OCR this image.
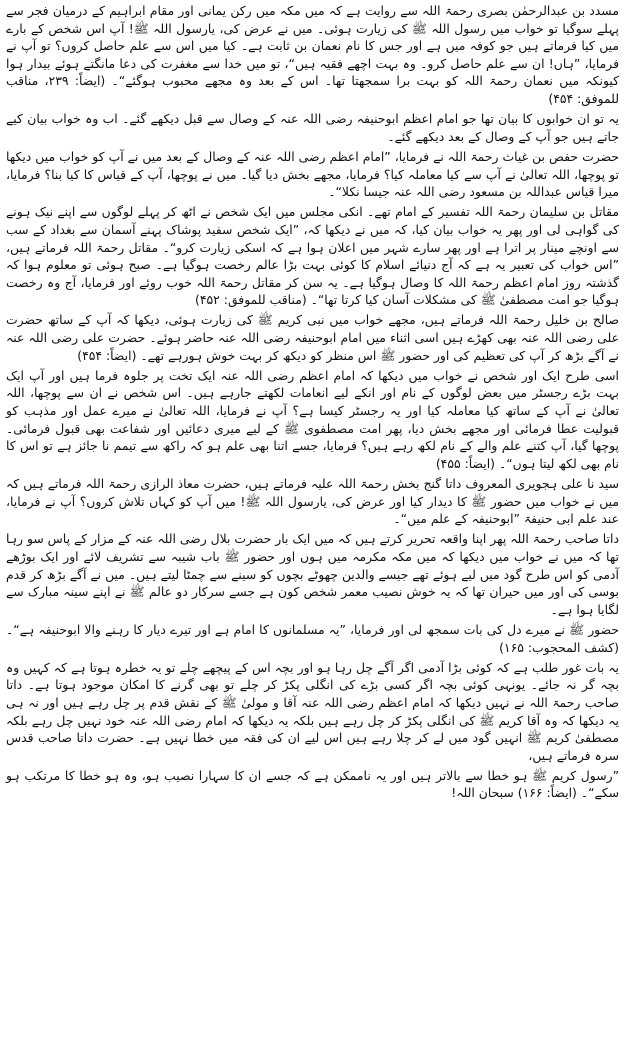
مسدد بن عبدالرحمٰن بصری رحمۃ اللہ سے روایت ہے کہ میں مکہ میں رکن یمانی اور مقام ابراہیم کے درمیان فجر سے پہلے سوگیا تو خواب میں رسول اللہ ﷺ کی زیارت ہوئی۔ میں نے عرض کی، یارسول اللہ ﷺ! آپ اس شخص کے بارے میں کیا فرماتے ہیں جو کوفہ میں ہے اور جس کا نام نعمان بن ثابت ہے۔ کیا میں اس سے علم حاصل کروں؟ تو آپ نے فرمایا، ”ہاں! ان سے علم حاصل کرو۔ وہ بہت اچھے فقیہ ہیں“، تو میں خدا سے مغفرت کی دعا مانگتے ہوئے بیدار ہوا کیونکہ میں نعمان رحمۃ اللہ کو بہت برا سمجھتا تھا۔ اس کے بعد وہ مجھے محبوب ہوگئے“۔ (ایضاً: ۲۳۹، مناقب للموفق: ۴۵۴)

یہ تو ان خوابوں کا بیان تھا جو امام اعظم ابوحنیفہ رضی اللہ عنہ کے وصال سے قبل دیکھے گئے۔ اب وہ خواب بیان کیے جاتے ہیں جو آپ کے وصال کے بعد دیکھے گئے۔

حضرت حفص بن غیاث رحمۃ اللہ نے فرمایا، ”امام اعظم رضی اللہ عنہ کے وصال کے بعد میں نے آپ کو خواب میں دیکھا تو پوچھا، اللہ تعالیٰ نے آپ سے کیا معاملہ کیا؟ فرمایا، مجھے بخش دیا گیا۔ میں نے پوچھا، آپ کے قیاس کا کیا بنا؟ فرمایا، میرا قیاس عبداللہ بن مسعود رضی اللہ عنہ جیسا نکلا“۔

مقاتل بن سلیمان رحمۃ اللہ تفسیر کے امام تھے۔ انکی مجلس میں ایک شخص نے اٹھ کر پہلے لوگوں سے اپنے نیک ہونے کی گواہی لی اور پھر یہ خواب بیان کیا، کہ میں نے دیکھا کہ، ”ایک شخص سفید پوشاک پہنے آسمان سے بغداد کے سب سے اونچے مینار پر اترا ہے اور پھر سارے شہر میں اعلان ہوا ہے کہ اسکی زیارت کرو“۔ مقاتل رحمۃ اللہ فرماتے ہیں، ”اس خواب کی تعبیر یہ ہے کہ آج دنیائے اسلام کا کوئی بہت بڑا عالم رخصت ہوگیا ہے۔ صبح ہوئی تو معلوم ہوا کہ گذشتہ روز امام اعظم رحمۃ اللہ کا وصال ہوگیا ہے۔ یہ سن کر مقاتل رحمۃ اللہ خوب روئے اور فرمایا، آج وہ رخصت ہوگیا جو امت مصطفیٰ ﷺ کی مشکلات آسان کیا کرتا تھا“۔ (مناقب للموفق: ۴۵۲)

صالح بن خلیل رحمۃ اللہ فرماتے ہیں، مجھے خواب میں نبی کریم ﷺ کی زیارت ہوئی، دیکھا کہ آپ کے ساتھ حضرت علی رضی اللہ عنہ بھی کھڑے ہیں اسی اثناء میں امام ابوحنیفہ رضی اللہ عنہ حاضر ہوئے۔ حضرت علی رضی اللہ عنہ نے آگے بڑھ کر آپ کی تعظیم کی اور حضور ﷺ اس منظر کو دیکھ کر بہت خوش ہورہے تھے۔ (ایضاً: ۴۵۴)

اسی طرح ایک اور شخص نے خواب میں دیکھا کہ امام اعظم رضی اللہ عنہ ایک تخت پر جلوہ فرما ہیں اور آپ ایک بہت بڑے رجسٹر میں بعض لوگوں کے نام اور انکے لیے انعامات لکھتے جارہے ہیں۔ اس شخص نے ان سے پوچھا، اللہ تعالیٰ نے آپ کے ساتھ کیا معاملہ کیا اور یہ رجسٹر کیسا ہے؟ آپ نے فرمایا، اللہ تعالیٰ نے میرے عمل اور مذہب کو قبولیت عطا فرمائی اور مجھے بخش دیا، پھر امت مصطفوی ﷺ کے لیے میری دعائیں اور شفاعت بھی قبول فرمائی۔ پوچھا گیا، آپ کتنے علم والے کے نام لکھ رہے ہیں؟ فرمایا، جسے اتنا بھی علم ہو کہ راکھ سے تیمم نا جائز ہے تو اس کا نام بھی لکھ لیتا ہوں“۔ (ایضاً: ۴۵۵)

سید نا علی ہجویری المعروف داتا گنج بخش رحمۃ اللہ علیہ فرماتے ہیں، حضرت معاذ الرازی رحمۃ اللہ فرماتے ہیں کہ میں نے خواب میں حضور ﷺ کا دیدار کیا اور عرض کی، یارسول اللہ ﷺ! میں آپ کو کہاں تلاش کروں؟ آپ نے فرمایا، عند علم ابی حنیفۃ ”ابوحنیفہ کے علم میں“۔

داتا صاحب رحمۃ اللہ پھر اپنا واقعہ تحریر کرتے ہیں کہ میں ایک بار حضرت بلال رضی اللہ عنہ کے مزار کے پاس سو رہا تھا کہ میں نے خواب میں دیکھا کہ میں مکہ مکرمہ میں ہوں اور حضور ﷺ باب شیبہ سے تشریف لائے اور ایک بوڑھے آدمی کو اس طرح گود میں لیے ہوئے تھے جیسے والدین چھوٹے بچوں کو سینے سے چمٹا لیتے ہیں۔ میں نے آگے بڑھ کر قدم بوسی کی اور میں حیران تھا کہ یہ خوش نصیب معمر شخص کون ہے جسے سرکار دو عالم ﷺ نے اپنے سینہ مبارک سے لگایا ہوا ہے۔

حضور ﷺ نے میرے دل کی بات سمجھ لی اور فرمایا، ”یہ مسلمانوں کا امام ہے اور تیرے دیار کا رہنے والا ابوحنیفہ ہے“۔ (کشف المحجوب: ۱۶۵)

یہ بات غور طلب ہے کہ کوئی بڑا آدمی اگر آگے چل رہا ہو اور بچہ اس کے پیچھے چلے تو یہ خطرہ ہوتا ہے کہ کہیں وہ بچہ گر نہ جائے۔ یونہی کوئی بچہ اگر کسی بڑے کی انگلی پکڑ کر چلے تو بھی گرنے کا امکان موجود ہوتا ہے۔ داتا صاحب رحمۃ اللہ نے نہیں دیکھا کہ امام اعظم رضی اللہ عنہ آقا و مولیٰ ﷺ کے نقش قدم پر چل رہے ہیں اور نہ ہی یہ دیکھا کہ وہ آقا کریم ﷺ کی انگلی پکڑ کر چل رہے ہیں بلکہ یہ دیکھا کہ امام رضی اللہ عنہ خود نہیں چل رہے بلکہ مصطفیٰ کریم ﷺ انہیں گود میں لے کر چلا رہے ہیں اس لیے ان کی فقہ میں خطا نہیں ہے۔ حضرت داتا صاحب قدس سرہ فرماتے ہیں،

”رسول کریم ﷺ ہو خطا سے بالاتر ہیں اور یہ ناممکن ہے کہ جسے ان کا سہارا نصیب ہو، وہ ہو خطا کا مرتکب ہو سکے“۔ (ایضاً: ۱۶۶) سبحان اللہ!
